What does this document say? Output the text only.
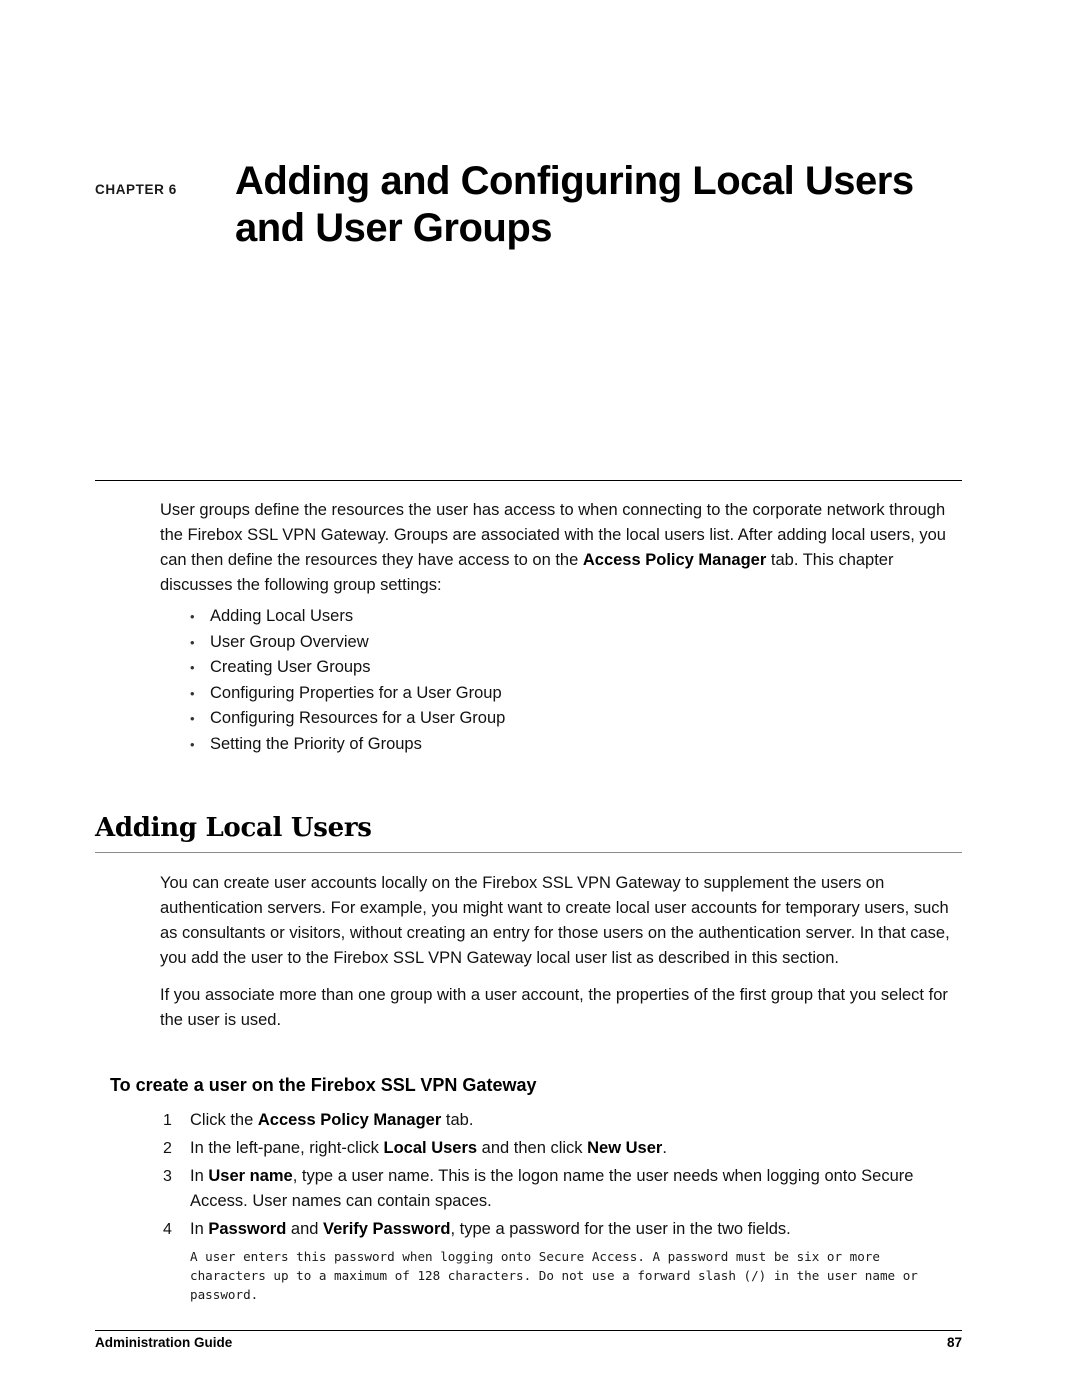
CHAPTER 6	Adding and Configuring Local Users and User Groups

User groups define the resources the user has access to when connecting to the corporate network through the Firebox SSL VPN Gateway. Groups are associated with the local users list. After adding local users, you can then define the resources they have access to on the Access Policy Manager tab. This chapter discusses the following group settings:

• Adding Local Users
• User Group Overview
• Creating User Groups
• Configuring Properties for a User Group
• Configuring Resources for a User Group
• Setting the Priority of Groups
Adding Local Users

You can create user accounts locally on the Firebox SSL VPN Gateway to supplement the users on authentication servers. For example, you might want to create local user accounts for temporary users, such as consultants or visitors, without creating an entry for those users on the authentication server. In that case, you add the user to the Firebox SSL VPN Gateway local user list as described in this section.

If you associate more than one group with a user account, the properties of the first group that you select for the user is used.

To create a user on the Firebox SSL VPN Gateway
1	Click the Access Policy Manager tab.
2	In the left-pane, right-click Local Users and then click New User.
3	In User name, type a user name. This is the logon name the user needs when logging onto Secure Access. User names can contain spaces.
4	In Password and Verify Password, type a password for the user in the two fields.

A user enters this password when logging onto Secure Access. A password must be six or more characters up to a maximum of 128 characters. Do not use a forward slash (/) in the user name or password.

Administration Guide	87
